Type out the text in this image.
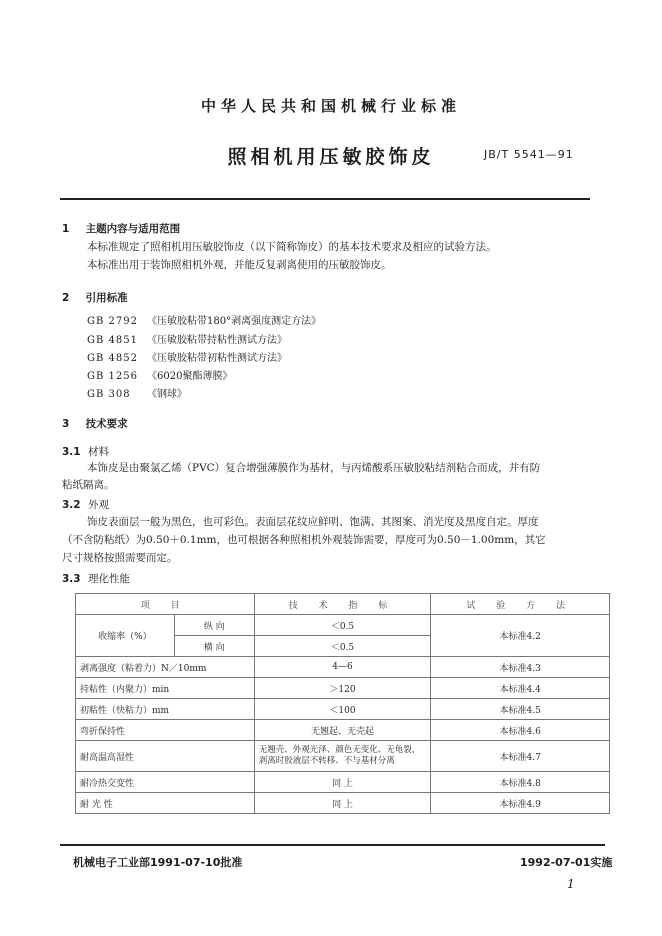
中华人民共和国机械行业标准
照相机用压敏胶饰皮	JB/T 5541—91
1 主题内容与适用范围
本标准规定了照相机用压敏胶饰皮（以下简称饰皮）的基本技术要求及相应的试验方法。
本标准出用于装饰照相机外观，并能反复剥离使用的压敏胶饰皮。
2 引用标准
GB 2792 《压敏胶粘带180°剥离强度测定方法》
GB 4851 《压敏胶粘带持粘性测试方法》
GB 4852 《压敏胶粘带初粘性测试方法》
GB 1256 《6020聚酯薄膜》
GB 308 《钢球》
3 技术要求
3.1 材料
本饰皮是由聚氯乙烯（PVC）复合增强薄膜作为基材，与丙烯酸系压敏胶粘结剂粘合而成，并有防
粘纸隔离。
3.2 外观
饰皮表面层一般为黑色，也可彩色。表面层花纹应鲜明、饱满、其图案、消光度及黑度自定。厚度
（不含防粘纸）为0.50＋0.1mm，也可根据各种照相机外观装饰需要，厚度可为0.50－1.00mm，其它
尺寸规格按照需要而定。
3.3 理化性能
项 目		技 术 指 标	试 验 方 法
收缩率（%）	纵 向	＜0.5	本标准4.2
	横 向	＜0.5	
剥离强度（粘着力）N／10mm		4—6	本标准4.3
持粘性（内聚力）min		＞120	本标准4.4
初粘性（快粘力）mm		＜100	本标准4.5
弯折保持性		无翘起、无壳起	本标准4.6
耐高温高湿性		无翘壳、外观光泽、颜色无变化、无龟裂，剥离时胶液层不转移、不与基材分离	本标准4.7
耐冷热交变性		同 上	本标准4.8
耐 光 性		同 上	本标准4.9
机械电子工业部1991-07-10批准	1992-07-01实施
1
